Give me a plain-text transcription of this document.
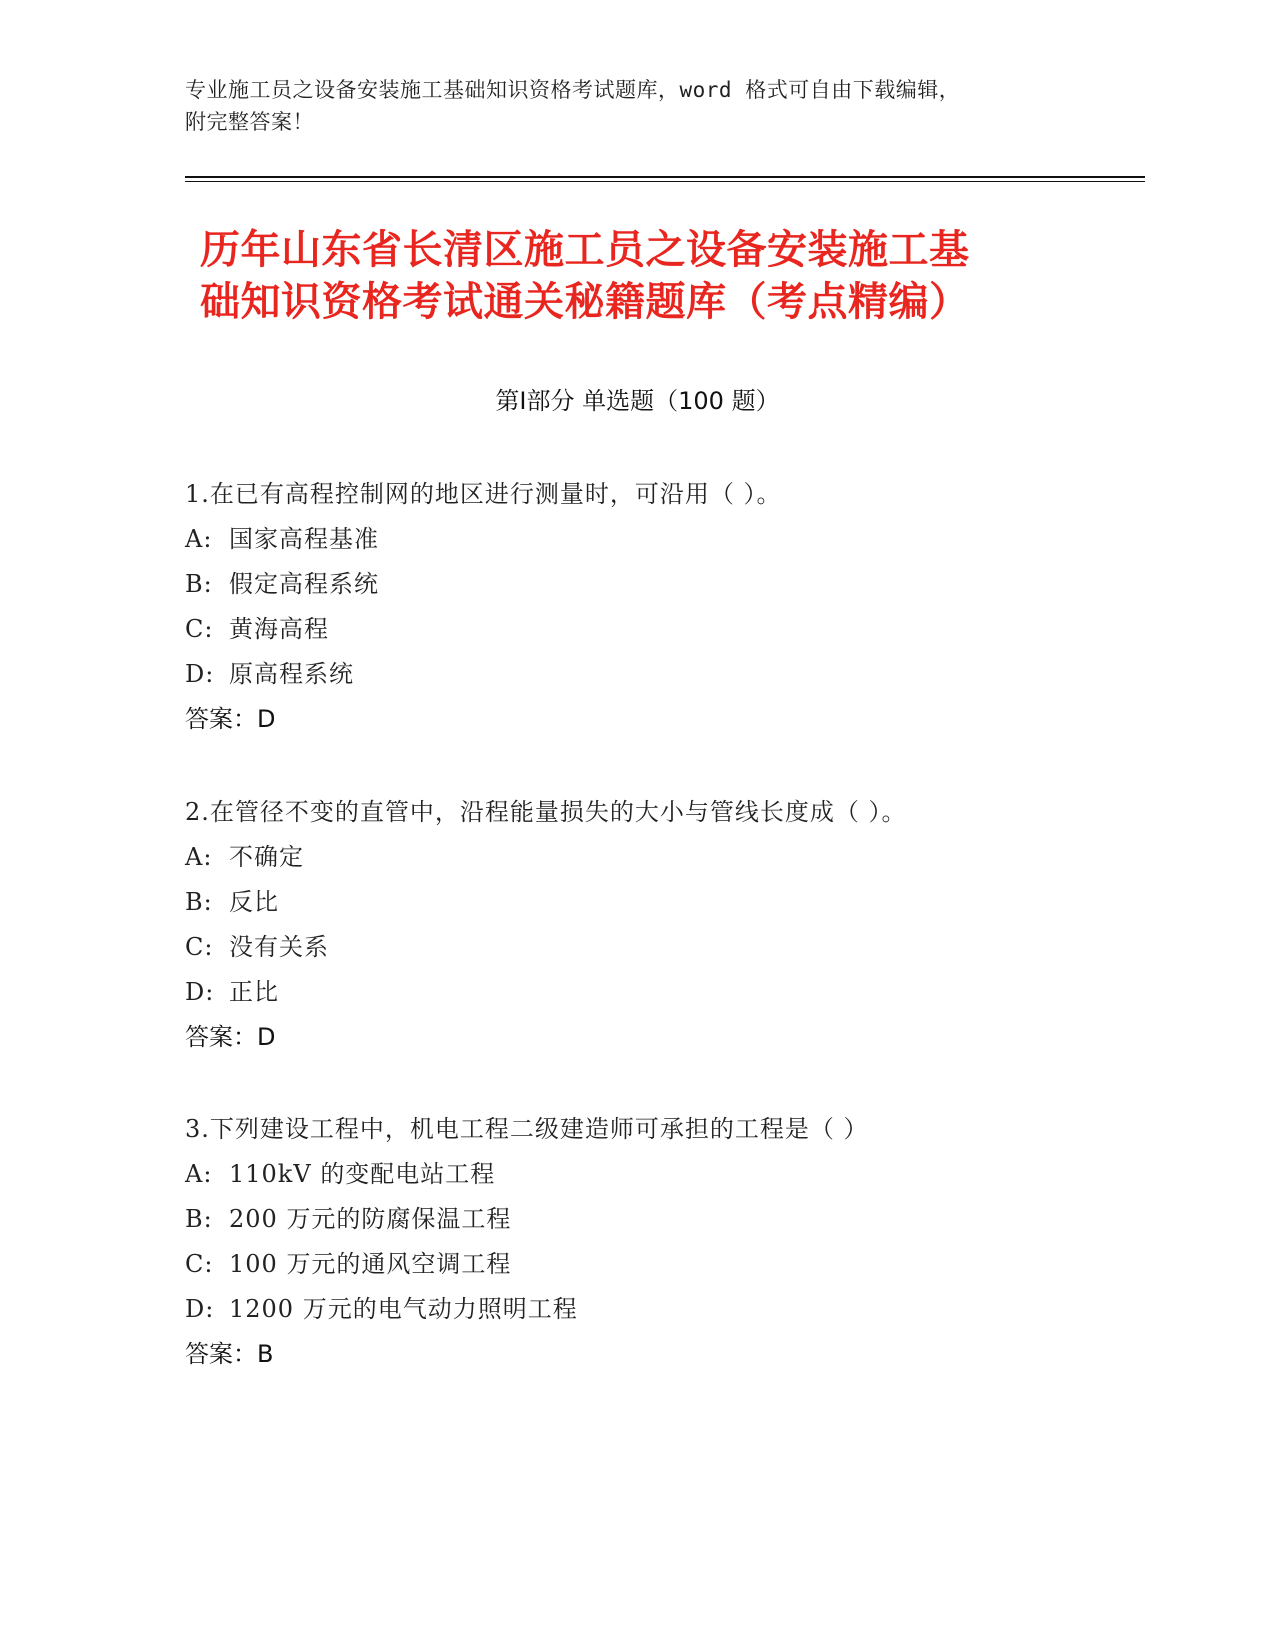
专业施工员之设备安装施工基础知识资格考试题库，word 格式可自由下载编辑，
附完整答案！
历年山东省长清区施工员之设备安装施工基
础知识资格考试通关秘籍题库（考点精编）
第Ⅰ部分 单选题（100 题）
1.在已有高程控制网的地区进行测量时，可沿用（ ）。
A: 国家高程基准
B: 假定高程系统
C: 黄海高程
D: 原高程系统
答案：D
2.在管径不变的直管中，沿程能量损失的大小与管线长度成（ ）。
A: 不确定
B: 反比
C: 没有关系
D: 正比
答案：D
3.下列建设工程中，机电工程二级建造师可承担的工程是（ ）
A: 110kV 的变配电站工程
B: 200 万元的防腐保温工程
C: 100 万元的通风空调工程
D: 1200 万元的电气动力照明工程
答案：B
